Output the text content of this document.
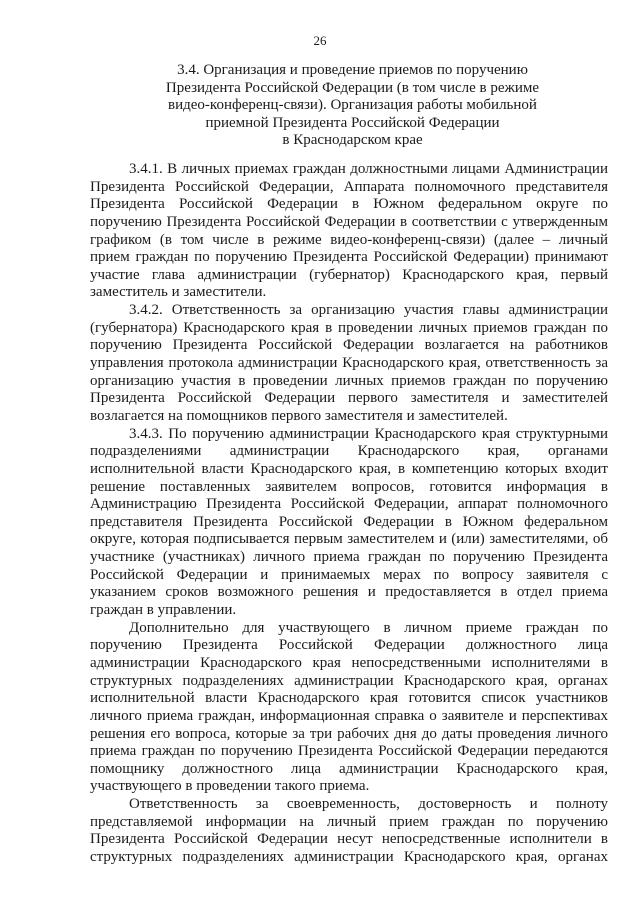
26
3.4. Организация и проведение приемов по поручению
Президента Российской Федерации (в том числе в режиме
видео-конференц-связи). Организация работы мобильной
приемной Президента Российской Федерации
в Краснодарском крае
3.4.1. В личных приемах граждан должностными лицами Администрации
Президента Российской Федерации, Аппарата полномочного представителя
Президента Российской Федерации в Южном федеральном округе по
поручению Президента Российской Федерации в соответствии с утвержденным
графиком (в том числе в режиме видео-конференц-связи) (далее – личный
прием граждан по поручению Президента Российской Федерации) принимают
участие глава администрации (губернатор) Краснодарского края, первый
заместитель и заместители.
3.4.2. Ответственность за организацию участия главы администрации
(губернатора) Краснодарского края в проведении личных приемов граждан по
поручению Президента Российской Федерации возлагается на работников
управления протокола администрации Краснодарского края, ответственность за
организацию участия в проведении личных приемов граждан по поручению
Президента Российской Федерации первого заместителя и заместителей
возлагается на помощников первого заместителя и заместителей.
3.4.3. По поручению администрации Краснодарского края структурными
подразделениями администрации Краснодарского края, органами
исполнительной власти Краснодарского края, в компетенцию которых входит
решение поставленных заявителем вопросов, готовится информация в
Администрацию Президента Российской Федерации, аппарат полномочного
представителя Президента Российской Федерации в Южном федеральном
округе, которая подписывается первым заместителем и (или) заместителями, об
участнике (участниках) личного приема граждан по поручению Президента
Российской Федерации и принимаемых мерах по вопросу заявителя с
указанием сроков возможного решения и предоставляется в отдел приема
граждан в управлении.
Дополнительно для участвующего в личном приеме граждан по
поручению Президента Российской Федерации должностного лица
администрации Краснодарского края непосредственными исполнителями в
структурных подразделениях администрации Краснодарского края, органах
исполнительной власти Краснодарского края готовится список участников
личного приема граждан, информационная справка о заявителе и перспективах
решения его вопроса, которые за три рабочих дня до даты проведения личного
приема граждан по поручению Президента Российской Федерации передаются
помощнику должностного лица администрации Краснодарского края,
участвующего в проведении такого приема.
Ответственность за своевременность, достоверность и полноту
представляемой информации на личный прием граждан по поручению
Президента Российской Федерации несут непосредственные исполнители в
структурных подразделениях администрации Краснодарского края, органах
